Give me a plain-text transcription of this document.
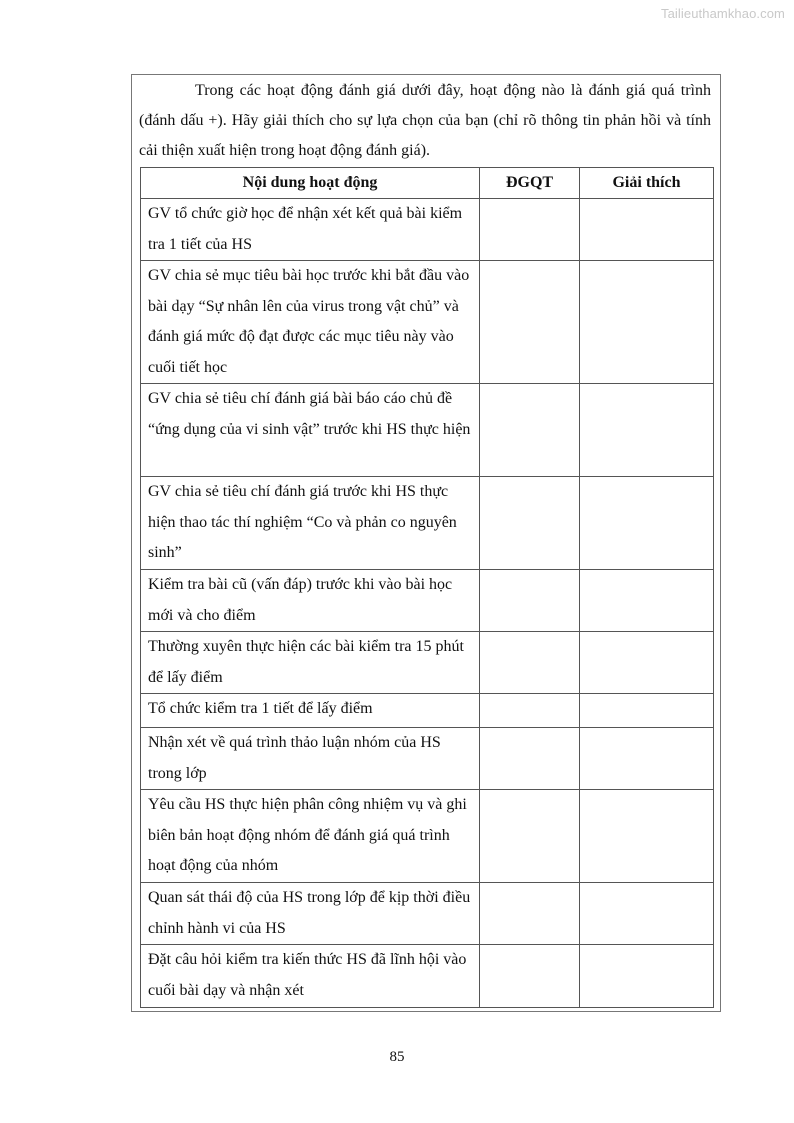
Tailieuthamkhao.com
Trong các hoạt động đánh giá dưới đây, hoạt động nào là đánh giá quá trình (đánh dấu +). Hãy giải thích cho sự lựa chọn của bạn (chỉ rõ thông tin phản hồi và tính cải thiện xuất hiện trong hoạt động đánh giá).
Nội dung hoạt động	ĐGQT	Giải thích
GV tổ chức giờ học để nhận xét kết quả bài kiểm tra 1 tiết của HS		
GV chia sẻ mục tiêu bài học trước khi bắt đầu vào bài dạy “Sự nhân lên của virus trong vật chủ” và đánh giá mức độ đạt được các mục tiêu này vào cuối tiết học		
GV chia sẻ tiêu chí đánh giá bài báo cáo chủ đề “ứng dụng của vi sinh vật” trước khi HS thực hiện		
GV chia sẻ tiêu chí đánh giá trước khi HS thực hiện thao tác thí nghiệm “Co và phản co nguyên sinh”		
Kiểm tra bài cũ (vấn đáp) trước khi vào bài học mới và cho điểm		
Thường xuyên thực hiện các bài kiểm tra 15 phút để lấy điểm		
Tổ chức kiểm tra 1 tiết để lấy điểm		
Nhận xét về quá trình thảo luận nhóm của HS trong lớp		
Yêu cầu HS thực hiện phân công nhiệm vụ và ghi biên bản hoạt động nhóm để đánh giá quá trình hoạt động của nhóm		
Quan sát thái độ của HS trong lớp để kịp thời điều chỉnh hành vi của HS		
Đặt câu hỏi kiểm tra kiến thức HS đã lĩnh hội vào cuối bài dạy và nhận xét		
85
